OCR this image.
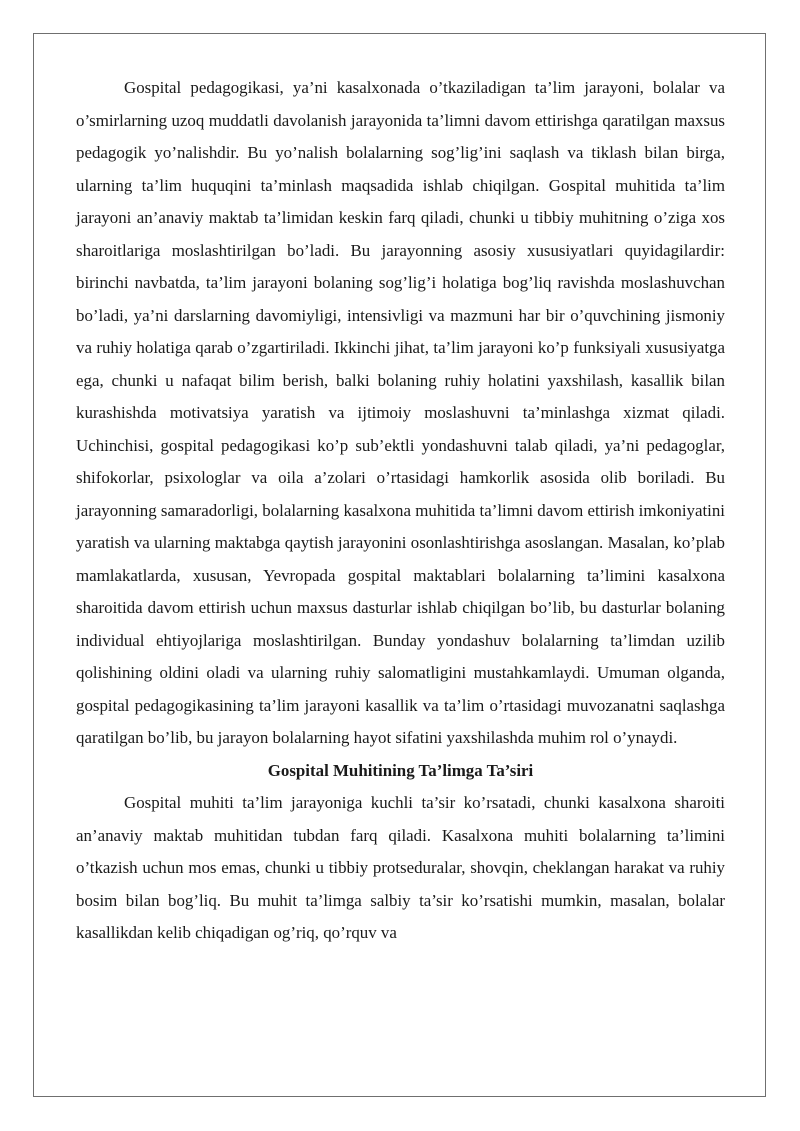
Gospital pedagogikasi, ya’ni kasalxonada o’tkaziladigan ta’lim jarayoni, bolalar va o’smirlarning uzoq muddatli davolanish jarayonida ta’limni davom ettirishga qaratilgan maxsus pedagogik yo’nalishdir. Bu yo’nalish bolalarning sog’lig’ini saqlash va tiklash bilan birga, ularning ta’lim huquqini ta’minlash maqsadida ishlab chiqilgan. Gospital muhitida ta’lim jarayoni an’anaviy maktab ta’limidan keskin farq qiladi, chunki u tibbiy muhitning o’ziga xos sharoitlariga moslashtirilgan bo’ladi. Bu jarayonning asosiy xususiyatlari quyidagilardir: birinchi navbatda, ta’lim jarayoni bolaning sog’lig’i holatiga bog’liq ravishda moslashuvchan bo’ladi, ya’ni darslarning davomiyligi, intensivligi va mazmuni har bir o’quvchining jismoniy va ruhiy holatiga qarab o’zgartiriladi. Ikkinchi jihat, ta’lim jarayoni ko’p funksiyali xususiyatga ega, chunki u nafaqat bilim berish, balki bolaning ruhiy holatini yaxshilash, kasallik bilan kurashishda motivatsiya yaratish va ijtimoiy moslashuvni ta’minlashga xizmat qiladi. Uchinchisi, gospital pedagogikasi ko’p sub’ektli yondashuvni talab qiladi, ya’ni pedagoglar, shifokorlar, psixologlar va oila a’zolari o’rtasidagi hamkorlik asosida olib boriladi. Bu jarayonning samaradorligi, bolalarning kasalxona muhitida ta’limni davom ettirish imkoniyatini yaratish va ularning maktabga qaytish jarayonini osonlashtirishga asoslangan. Masalan, ko’plab mamlakatlarda, xususan, Yevropada gospital maktablari bolalarning ta’limini kasalxona sharoitida davom ettirish uchun maxsus dasturlar ishlab chiqilgan bo’lib, bu dasturlar bolaning individual ehtiyojlariga moslashtirilgan. Bunday yondashuv bolalarning ta’limdan uzilib qolishining oldini oladi va ularning ruhiy salomatligini mustahkamlaydi. Umuman olganda, gospital pedagogikasining ta’lim jarayoni kasallik va ta’lim o’rtasidagi muvozanatni saqlashga qaratilgan bo’lib, bu jarayon bolalarning hayot sifatini yaxshilashda muhim rol o’ynaydi.

Gospital Muhitining Ta’limga Ta’siri

Gospital muhiti ta’lim jarayoniga kuchli ta’sir ko’rsatadi, chunki kasalxona sharoiti an’anaviy maktab muhitidan tubdan farq qiladi. Kasalxona muhiti bolalarning ta’limini o’tkazish uchun mos emas, chunki u tibbiy protseduralar, shovqin, cheklangan harakat va ruhiy bosim bilan bog’liq. Bu muhit ta’limga salbiy ta’sir ko’rsatishi mumkin, masalan, bolalar kasallikdan kelib chiqadigan og’riq, qo’rquv va
